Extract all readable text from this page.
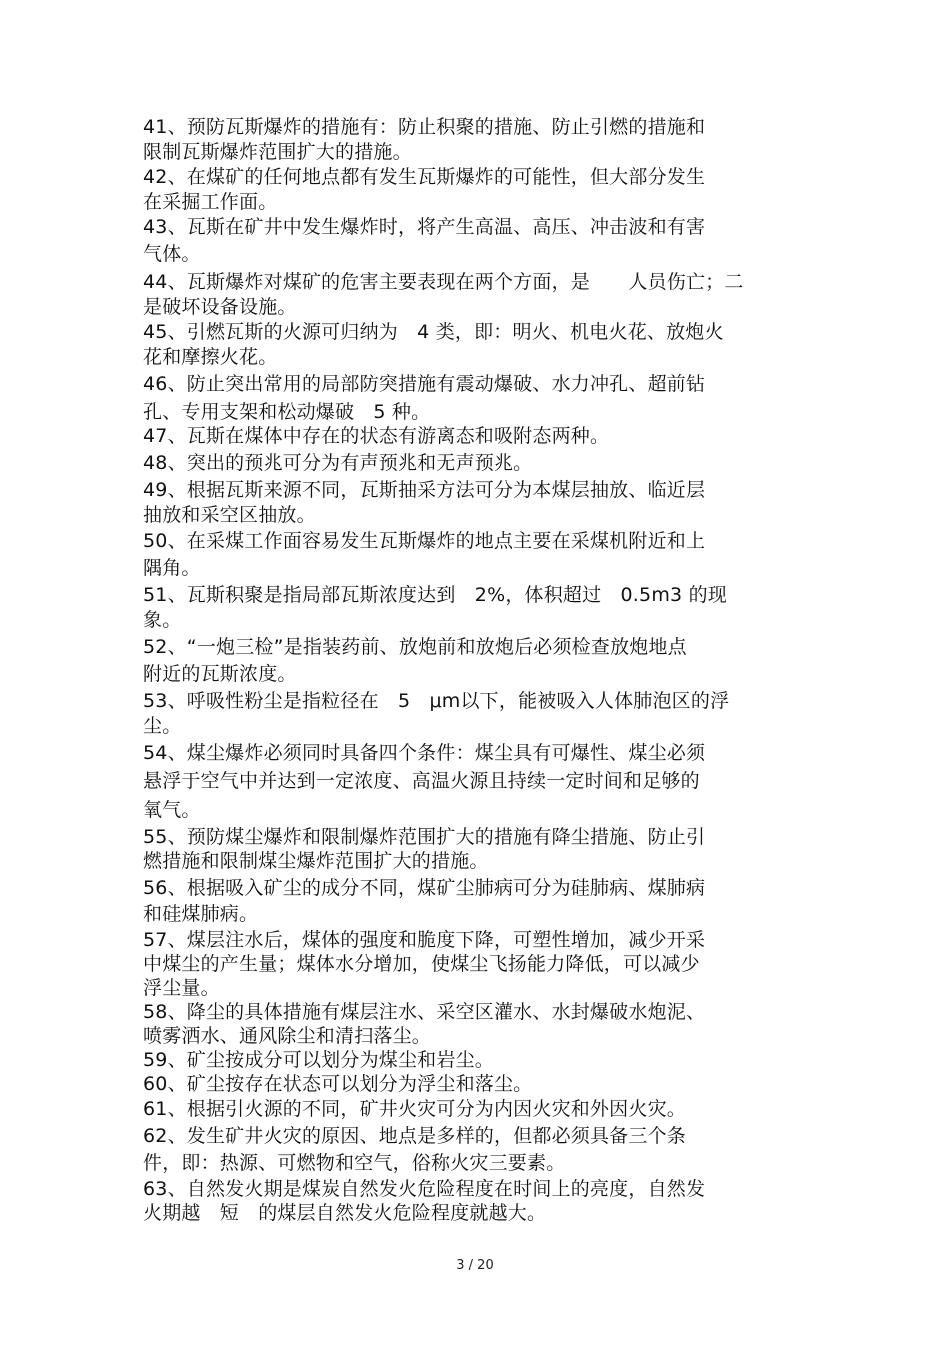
41、预防瓦斯爆炸的措施有：防止积聚的措施、防止引燃的措施和
限制瓦斯爆炸范围扩大的措施。
42、在煤矿的任何地点都有发生瓦斯爆炸的可能性，但大部分发生
在采掘工作面。
43、瓦斯在矿井中发生爆炸时，将产生高温、高压、冲击波和有害
气体。
44、瓦斯爆炸对煤矿的危害主要表现在两个方面，是　　人员伤亡；二
是破坏设备设施。
45、引燃瓦斯的火源可归纳为　4 类，即：明火、机电火花、放炮火
花和摩擦火花。
46、防止突出常用的局部防突措施有震动爆破、水力冲孔、超前钻
孔、专用支架和松动爆破　5 种。
47、瓦斯在煤体中存在的状态有游离态和吸附态两种。
48、突出的预兆可分为有声预兆和无声预兆。
49、根据瓦斯来源不同，瓦斯抽采方法可分为本煤层抽放、临近层
抽放和采空区抽放。
50、在采煤工作面容易发生瓦斯爆炸的地点主要在采煤机附近和上
隅角。
51、瓦斯积聚是指局部瓦斯浓度达到　2%，体积超过　0.5m3 的现
象。
52、“一炮三检”是指装药前、放炮前和放炮后必须检查放炮地点
附近的瓦斯浓度。
53、呼吸性粉尘是指粒径在　5　μm以下，能被吸入人体肺泡区的浮
尘。
54、煤尘爆炸必须同时具备四个条件：煤尘具有可爆性、煤尘必须
悬浮于空气中并达到一定浓度、高温火源且持续一定时间和足够的
氧气。
55、预防煤尘爆炸和限制爆炸范围扩大的措施有降尘措施、防止引
燃措施和限制煤尘爆炸范围扩大的措施。
56、根据吸入矿尘的成分不同，煤矿尘肺病可分为硅肺病、煤肺病
和硅煤肺病。
57、煤层注水后，煤体的强度和脆度下降，可塑性增加，减少开采
中煤尘的产生量；煤体水分增加，使煤尘飞扬能力降低，可以减少
浮尘量。
58、降尘的具体措施有煤层注水、采空区灌水、水封爆破水炮泥、
喷雾洒水、通风除尘和清扫落尘。
59、矿尘按成分可以划分为煤尘和岩尘。
60、矿尘按存在状态可以划分为浮尘和落尘。
61、根据引火源的不同，矿井火灾可分为内因火灾和外因火灾。
62、发生矿井火灾的原因、地点是多样的，但都必须具备三个条
件，即：热源、可燃物和空气，俗称火灾三要素。
63、自然发火期是煤炭自然发火危险程度在时间上的亮度，自然发
火期越　短　的煤层自然发火危险程度就越大。
3 / 20
